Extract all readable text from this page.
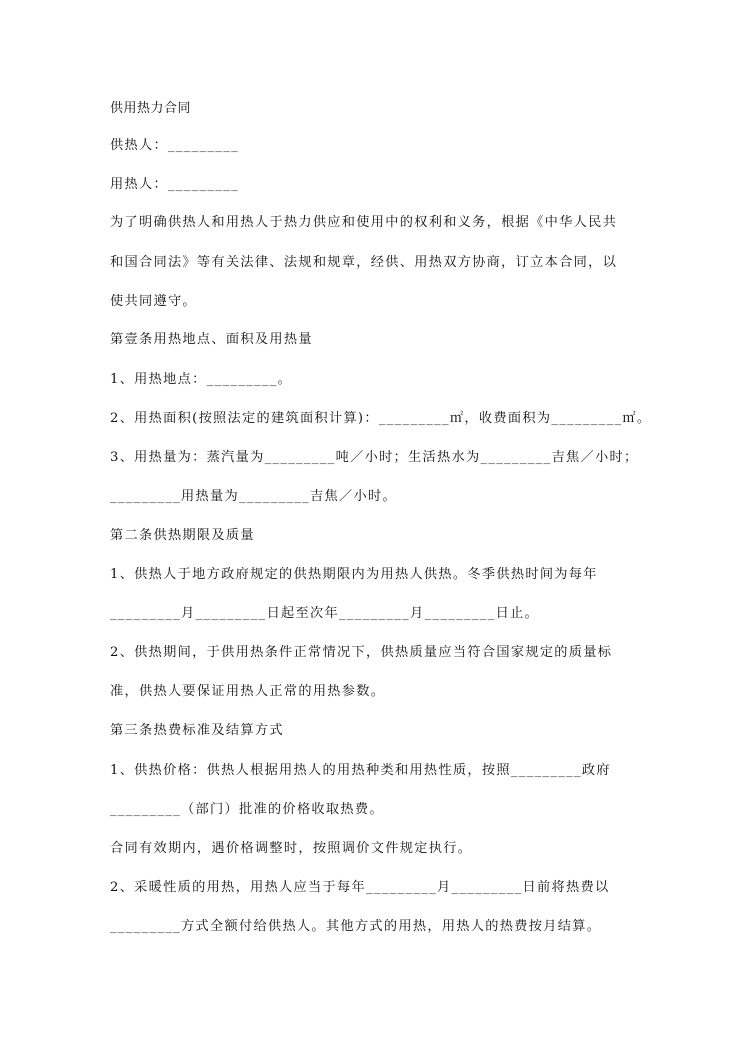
供用热力合同
供热人：_________
用热人：_________
为了明确供热人和用热人于热力供应和使用中的权利和义务，根据《中华人民共
和国合同法》等有关法律、法规和规章，经供、用热双方协商，订立本合同，以
使共同遵守。
第壹条用热地点、面积及用热量
1、用热地点：_________。
2、用热面积(按照法定的建筑面积计算)：_________㎡，收费面积为_________㎡。
3、用热量为：蒸汽量为_________吨／小时；生活热水为_________吉焦／小时；
_________用热量为_________吉焦／小时。
第二条供热期限及质量
1、供热人于地方政府规定的供热期限内为用热人供热。冬季供热时间为每年
_________月_________日起至次年_________月_________日止。
2、供热期间，于供用热条件正常情况下，供热质量应当符合国家规定的质量标
准，供热人要保证用热人正常的用热参数。
第三条热费标准及结算方式
1、供热价格：供热人根据用热人的用热种类和用热性质，按照_________政府
_________（部门）批准的价格收取热费。
合同有效期内，遇价格调整时，按照调价文件规定执行。
2、采暖性质的用热，用热人应当于每年_________月_________日前将热费以
_________方式全额付给供热人。其他方式的用热，用热人的热费按月结算。
